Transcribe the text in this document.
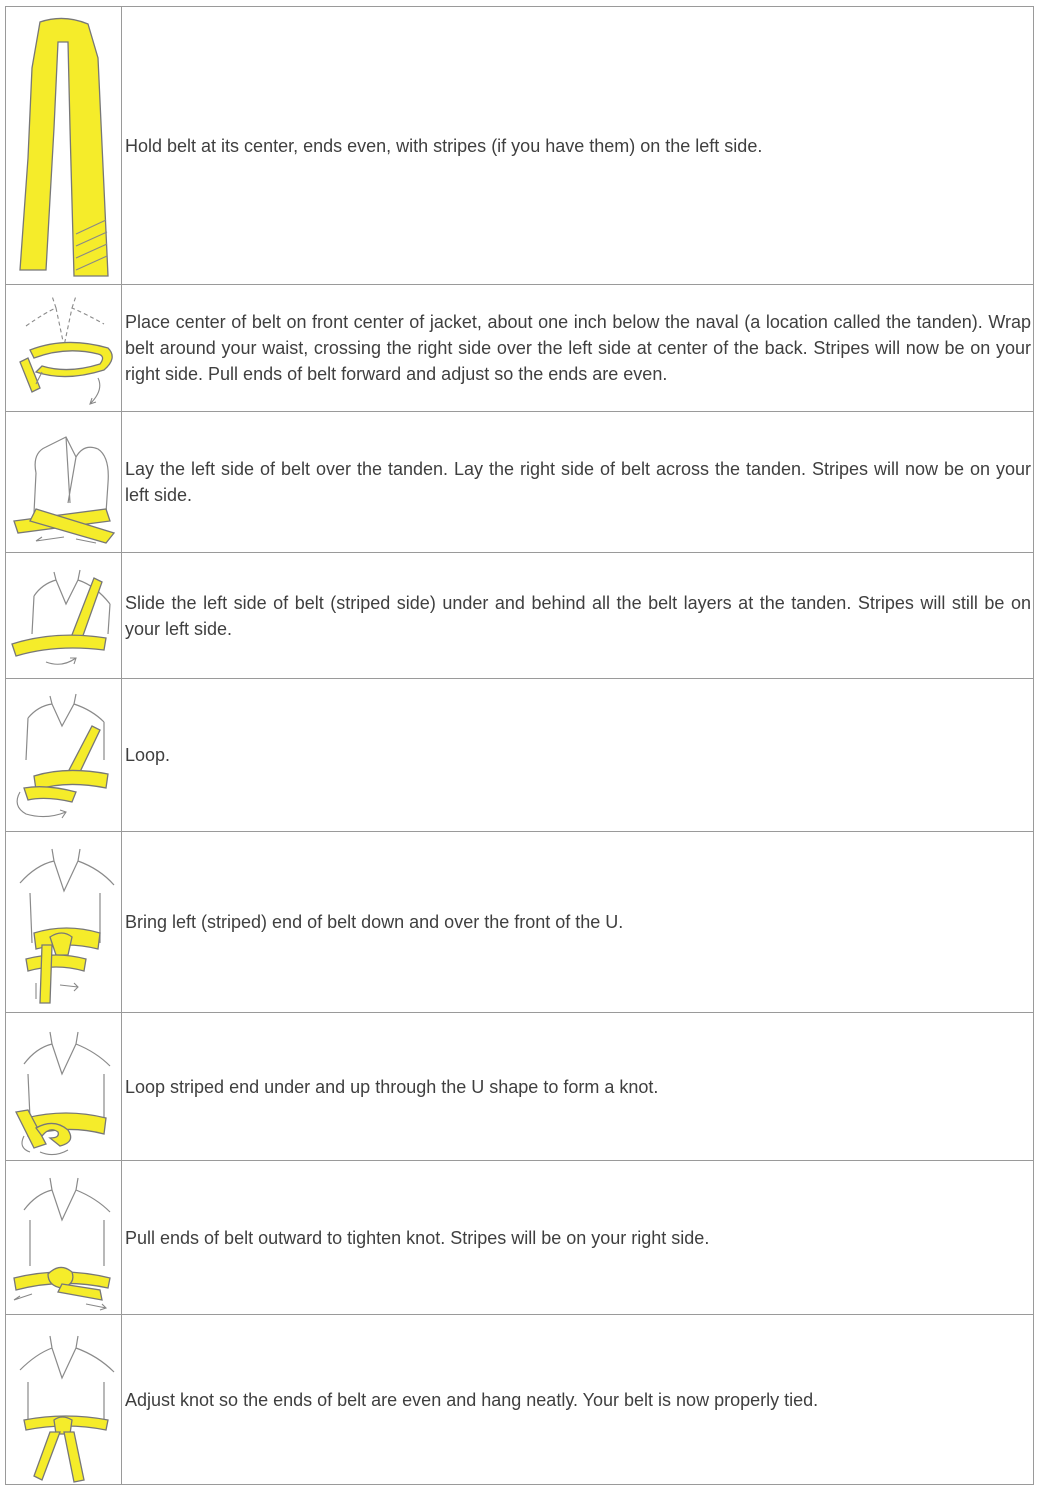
	Hold belt at its center, ends even, with stripes (if you have them) on the left side.

	Place center of belt on front center of jacket, about one inch below the naval (a location called the tanden). Wrap belt around your waist, crossing the right side over the left side at center of the back. Stripes will now be on your right side. Pull ends of belt forward and adjust so the ends are even.

	Lay the left side of belt over the tanden. Lay the right side of belt across the tanden. Stripes will now be on your left side.

	Slide the left side of belt (striped side) under and behind all the belt layers at the tanden. Stripes will still be on your left side.

	Loop.

	Bring left (striped) end of belt down and over the front of the U.

	Loop striped end under and up through the U shape to form a knot.

	Pull ends of belt outward to tighten knot. Stripes will be on your right side.

	Adjust knot so the ends of belt are even and hang neatly. Your belt is now properly tied.
